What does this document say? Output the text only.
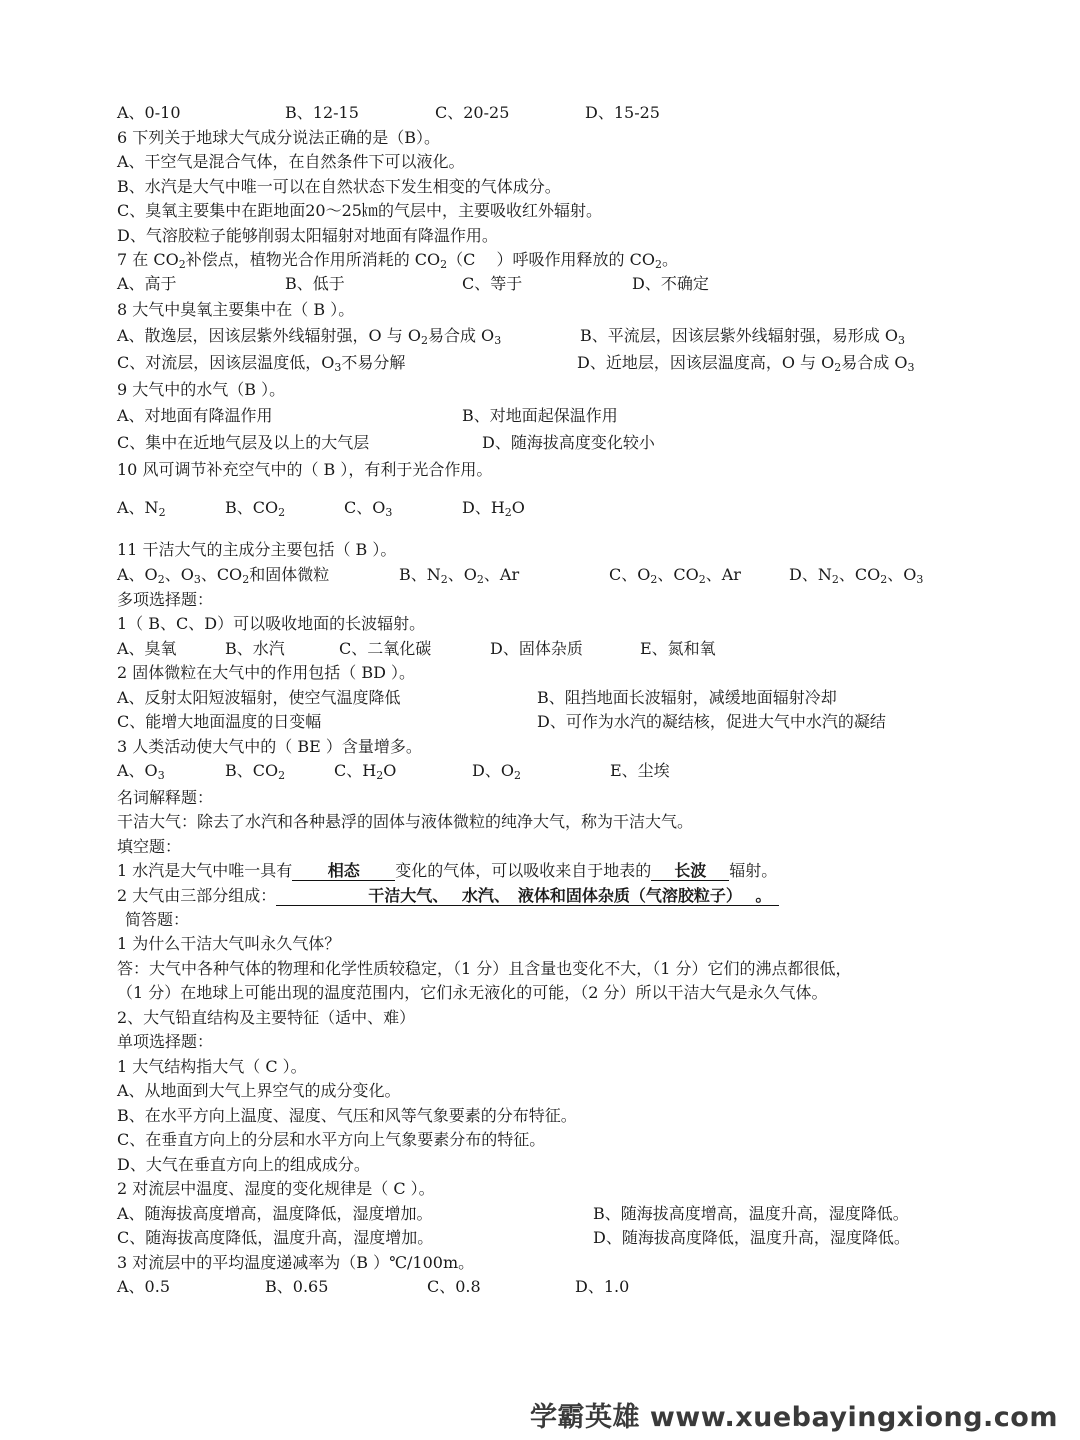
A、0-10	B、12-15	C、20-25	D、15-25
6 下列关于地球大气成分说法正确的是（B）。
A、干空气是混合气体，在自然条件下可以液化。
B、水汽是大气中唯一可以在自然状态下发生相变的气体成分。
C、臭氧主要集中在距地面20～25㎞的气层中，主要吸收红外辐射。
D、气溶胶粒子能够削弱太阳辐射对地面有降温作用。
7 在 $CO_2$补偿点，植物光合作用所消耗的 $CO_2(C$　 ）呼吸作用释放的 $CO_2$。
A、高于	B、低于	C、等于	D、不确定
8 大气中臭氧主要集中在（ B ）。
A、散逸层，因该层紫外线辐射强，O 与 $O_2$易合成 $O_3$	B、平流层，因该层紫外线辐射强，易形成 $O_3$
C、对流层，因该层温度低，$O_3$不易分解	D、近地层，因该层温度高，O 与 $O_2$易合成 $O_3$
9 大气中的水气（B ）。
A、对地面有降温作用	B、对地面起保温作用
C、集中在近地气层及以上的大气层	D、随海拔高度变化较小
10 风可调节补充空气中的（ B ），有利于光合作用。
A、$N_2$	B、$CO_2$	C、$O_3$	D、$H_2O$
11 干洁大气的主成分主要包括（ B ）。
A、$O_2$、$O_3$、$CO_2$和固体微粒	B、$N_2$、$O_2$、Ar	C、$O_2$、$CO_2$、Ar	D、$N_2$、$CO_2$、$O_3$
多项选择题：
1（ B、C、D）可以吸收地面的长波辐射。
A、臭氧	B、水汽	C、二氧化碳	D、固体杂质	E、氮和氧
2 固体微粒在大气中的作用包括（ BD ）。
A、反射太阳短波辐射，使空气温度降低	B、阻挡地面长波辐射，减缓地面辐射冷却
C、能增大地面温度的日变幅	D、可作为水汽的凝结核，促进大气中水汽的凝结
3 人类活动使大气中的（ BE ）含量增多。
A、$O_3$	B、$CO_2$	C、$H_2O$	D、$O_2$	E、尘埃
名词解释题：
干洁大气：除去了水汽和各种悬浮的固体与液体微粒的纯净大气，称为干洁大气。
填空题：
1 水汽是大气中唯一具有 相态 变化的气体，可以吸收来自于地表的 长波 辐射。
2 大气由三部分组成：	干洁大气、　 水汽、　液体和固体杂质（气溶胶粒子）　 。
简答题：
1 为什么干洁大气叫永久气体？
答：大气中各种气体的物理和化学性质较稳定，（1 分）且含量也变化不大，（1 分）它们的沸点都很低，
（1 分）在地球上可能出现的温度范围内，它们永无液化的可能，（2 分）所以干洁大气是永久气体。
2、大气铅直结构及主要特征（适中、难）
单项选择题：
1 大气结构指大气（ C ）。
A、从地面到大气上界空气的成分变化。
B、在水平方向上温度、湿度、气压和风等气象要素的分布特征。
C、在垂直方向上的分层和水平方向上气象要素分布的特征。
D、大气在垂直方向上的组成成分。
2 对流层中温度、湿度的变化规律是（ C ）。
A、随海拔高度增高，温度降低，湿度增加。	B、随海拔高度增高，温度升高，湿度降低。
C、随海拔高度降低，温度升高，湿度增加。	D、随海拔高度降低，温度升高，湿度降低。
3 对流层中的平均温度递减率为（B ）℃/100m。
A、0.5	B、0.65	C、0.8	D、1.0
学霸英雄 www.xuebayingxiong.com
